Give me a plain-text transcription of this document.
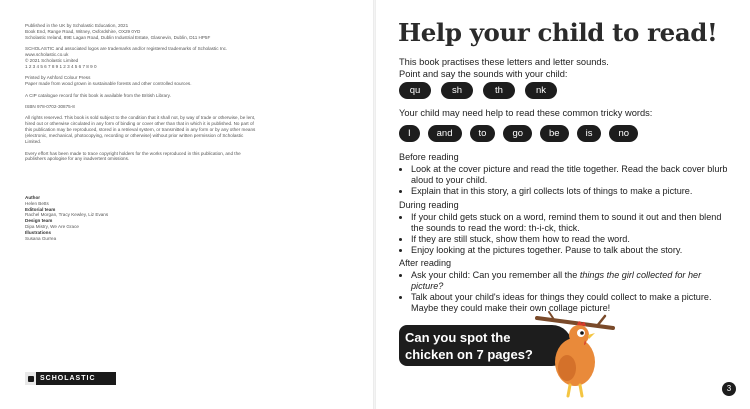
Published in the UK by Scholastic Education, 2021
Book End, Range Road, Witney, Oxfordshire, OX29 0YD
Scholastic Ireland, 89E Lagan Road, Dublin Industrial Estate, Glasnevin, Dublin, D11 HP5F

SCHOLASTIC and associated logos are trademarks and/or registered trademarks of Scholastic Inc.
www.scholastic.co.uk
© 2021 Scholastic Limited
1 2 3 4 5 6 7 8 9 1 2 3 4 5 6 7 8 9 0

Printed by Ashford Colour Press
Paper made from wood grown in sustainable forests and other controlled sources.

A CIP catalogue record for this book is available from the British Library.

ISBN 978-0702-30875-8

All rights reserved. This book is sold subject to the condition that it shall not, by way of trade or otherwise, be lent, hired out or otherwise circulated in any form of binding or cover other than that in which it is published. No part of this publication may be reproduced, stored in a retrieval system, or transmitted in any form or by any other means (electronic, mechanical, photocopying, recording or otherwise) without prior written permission of Scholastic Limited.

Every effort has been made to trace copyright holders for the works reproduced in this publication, and the publishers apologise for any inadvertent omissions.

Author
Helen Betts
Editorial team
Rachel Morgan, Tracy Kewley, Liz Evans
Design team
Dipa Mistry, We Are Grace
Illustrations
Susana Gurrea
SCHOLASTIC
Help your child to read!
This book practises these letters and letter sounds.
Point and say the sounds with your child:
qu	sh	th	nk
Your child may need help to read these common tricky words:
I	and	to	go	be	is	no
Before reading
• Look at the cover picture and read the title together. Read the back cover blurb aloud to your child.
• Explain that in this story, a girl collects lots of things to make a picture.
During reading
• If your child gets stuck on a word, remind them to sound it out and then blend the sounds to read the word: th-i-ck, thick.
• If they are still stuck, show them how to read the word.
• Enjoy looking at the pictures together. Pause to talk about the story.
After reading
• Ask your child: Can you remember all the things the girl collected for her picture?
• Talk about your child's ideas for things they could collect to make a picture. Maybe they could make their own collage picture!
Can you spot the
chicken on 7 pages?
3
